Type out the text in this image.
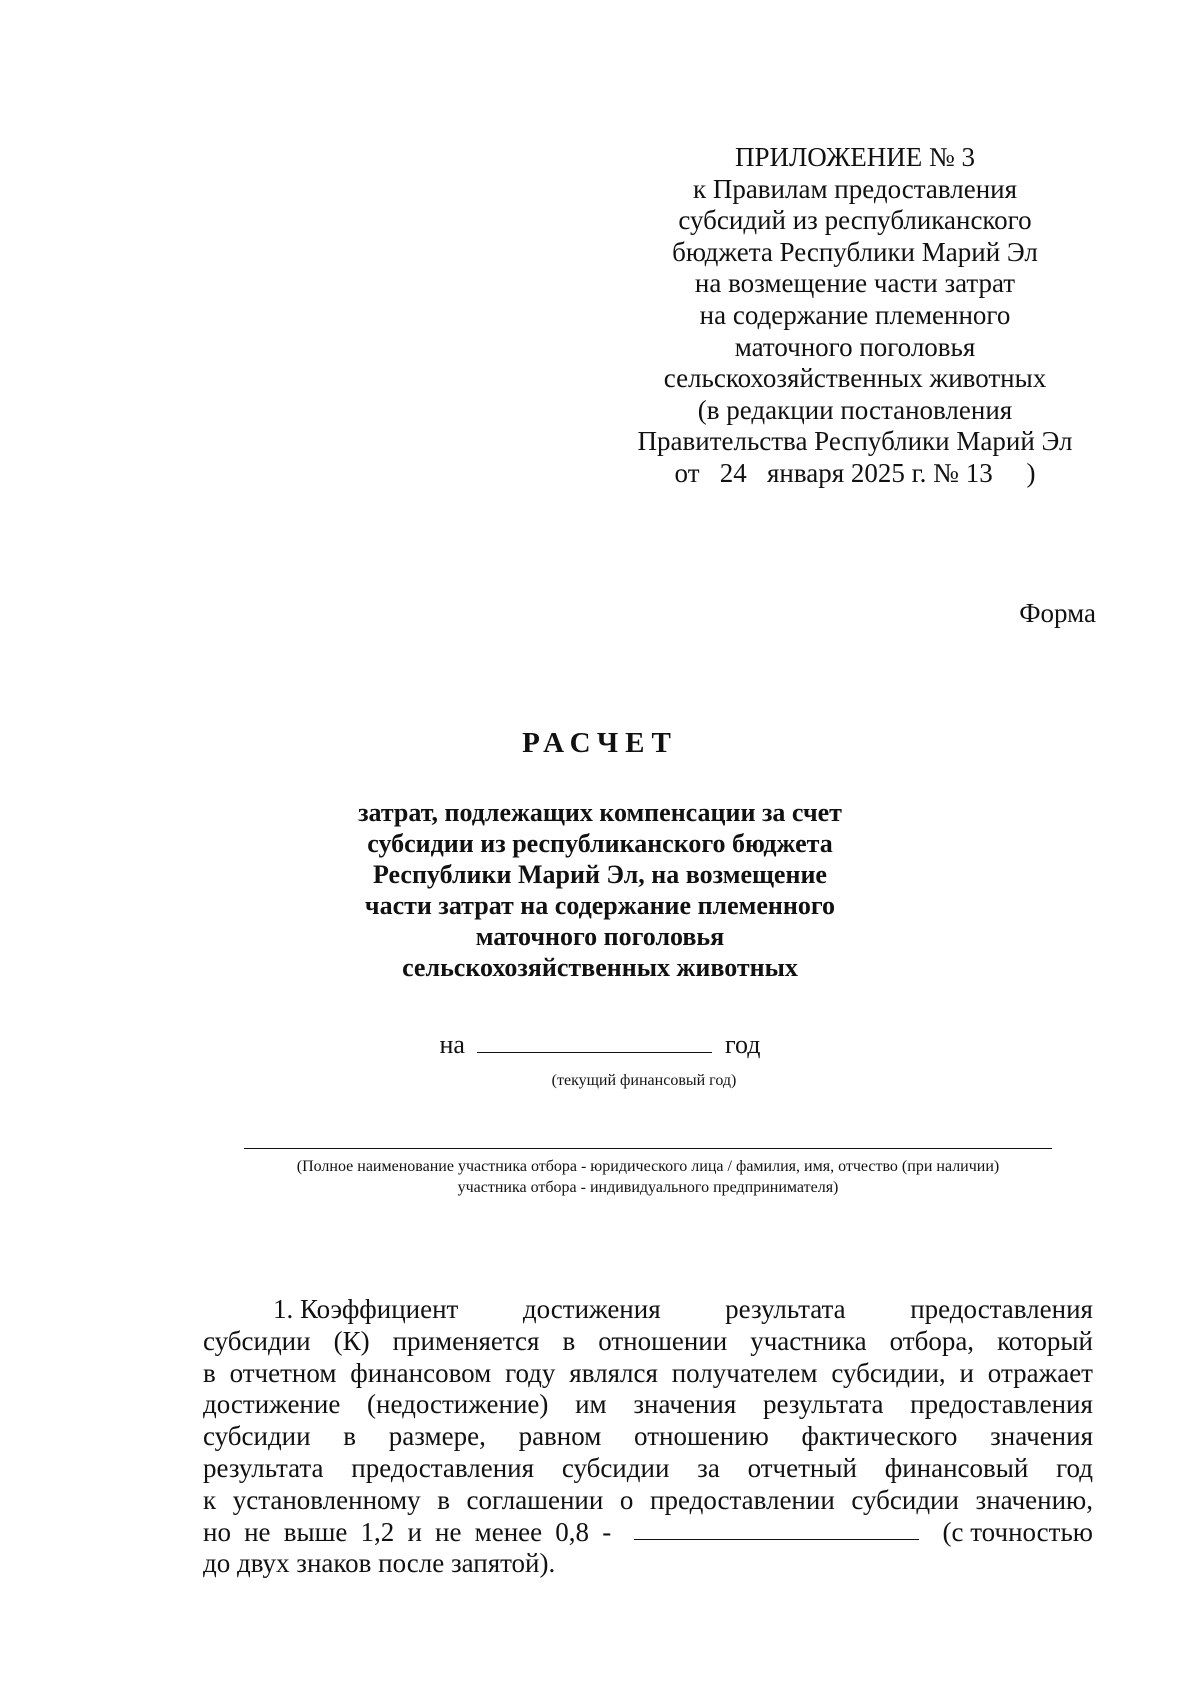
ПРИЛОЖЕНИЕ № 3
к Правилам предоставления
субсидий из республиканского
бюджета Республики Марий Эл
на возмещение части затрат
на содержание племенного
маточного поголовья
сельскохозяйственных животных
(в редакции постановления
Правительства Республики Марий Эл
от   24   января 2025 г. № 13     )
Форма
РАСЧЕТ
затрат, подлежащих компенсации за счет
субсидии из республиканского бюджета
Республики Марий Эл, на возмещение
части затрат на содержание племенного
маточного поголовья
сельскохозяйственных животных
на	год
(текущий финансовый год)
(Полное наименование участника отбора - юридического лица / фамилия, имя, отчество (при наличии)
участника отбора - индивидуального предпринимателя)
1. Коэффициент достижения результата предоставления
субсидии (К) применяется в отношении участника отбора, который
в отчетном финансовом году являлся получателем субсидии, и отражает
достижение (недостижение) им значения результата предоставления
субсидии в размере, равном отношению фактического значения
результата предоставления субсидии за отчетный финансовый год
к установленному в соглашении о предоставлении субсидии значению,
но не выше 1,2 и не менее 0,8 -	(с точностью
до двух знаков после запятой).
